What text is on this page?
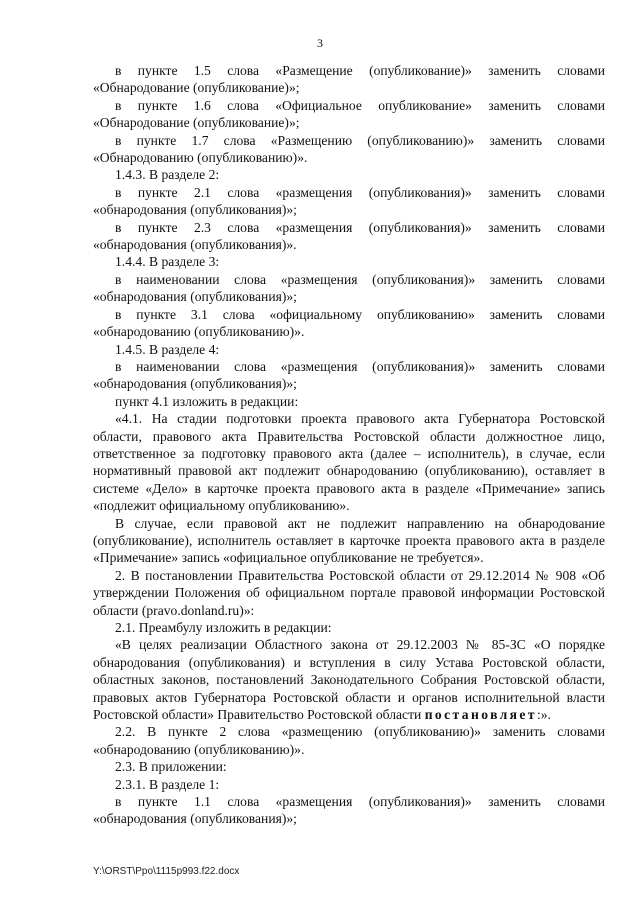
3

в пункте 1.5 слова «Размещение (опубликование)» заменить словами «Обнародование (опубликование)»;

в пункте 1.6 слова «Официальное опубликование» заменить словами «Обнародование (опубликование)»;

в пункте 1.7 слова «Размещению (опубликованию)» заменить словами «Обнародованию (опубликованию)».

1.4.3. В разделе 2:

в пункте 2.1 слова «размещения (опубликования)» заменить словами «обнародования (опубликования)»;

в пункте 2.3 слова «размещения (опубликования)» заменить словами «обнародования (опубликования)».

1.4.4. В разделе 3:

в наименовании слова «размещения (опубликования)» заменить словами «обнародования (опубликования)»;

в пункте 3.1 слова «официальному опубликованию» заменить словами «обнародованию (опубликованию)».

1.4.5. В разделе 4:

в наименовании слова «размещения (опубликования)» заменить словами «обнародования (опубликования)»;

пункт 4.1 изложить в редакции:

«4.1. На стадии подготовки проекта правового акта Губернатора Ростовской области, правового акта Правительства Ростовской области должностное лицо, ответственное за подготовку правового акта (далее – исполнитель), в случае, если нормативный правовой акт подлежит обнародованию (опубликованию), оставляет в системе «Дело» в карточке проекта правового акта в разделе «Примечание» запись «подлежит официальному опубликованию».

В случае, если правовой акт не подлежит направлению на обнародование (опубликование), исполнитель оставляет в карточке проекта правового акта в разделе «Примечание» запись «официальное опубликование не требуется».

2. В постановлении Правительства Ростовской области от 29.12.2014 № 908 «Об утверждении Положения об официальном портале правовой информации Ростовской области (pravo.donland.ru)»:

2.1. Преамбулу изложить в редакции:

«В целях реализации Областного закона от 29.12.2003 № 85-ЗС «О порядке обнародования (опубликования) и вступления в силу Устава Ростовской области, областных законов, постановлений Законодательного Собрания Ростовской области, правовых актов Губернатора Ростовской области и органов исполнительной власти Ростовской области» Правительство Ростовской области постановляет:».

2.2. В пункте 2 слова «размещению (опубликованию)» заменить словами «обнародованию (опубликованию)».

2.3. В приложении:

2.3.1. В разделе 1:

в пункте 1.1 слова «размещения (опубликования)» заменить словами «обнародования (опубликования)»;

Y:\ORST\Ppo\1115p993.f22.docx
